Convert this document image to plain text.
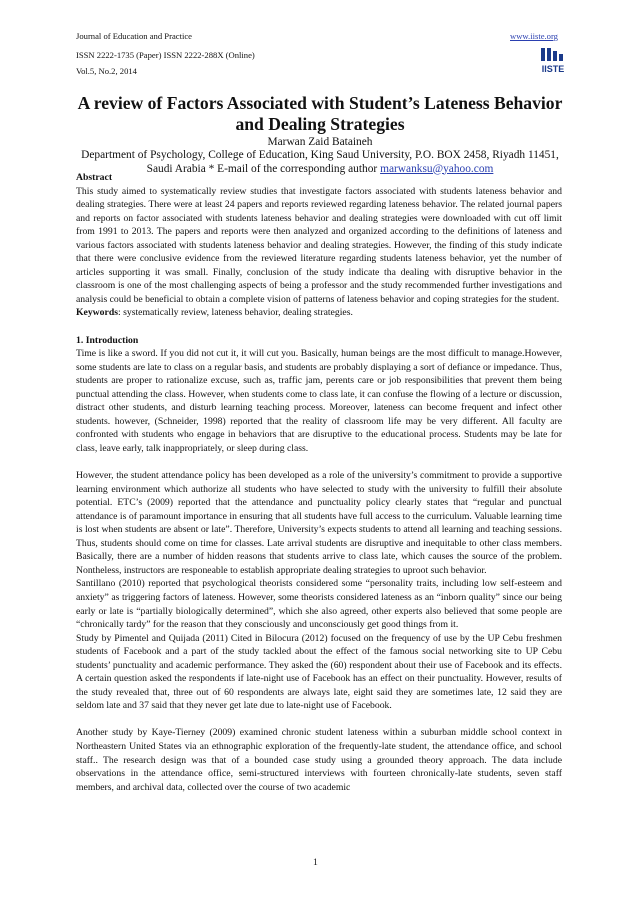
Journal of Education and Practice
ISSN 2222-1735 (Paper) ISSN 2222-288X (Online)
Vol.5, No.2, 2014
www.iiste.org
IISTE
A review of Factors Associated with Student’s Lateness Behavior and Dealing Strategies
Marwan Zaid Bataineh
Department of Psychology, College of Education, King Saud University, P.O. BOX 2458, Riyadh 11451, Saudi Arabia * E-mail of the corresponding author marwanksu@yahoo.com

Abstract

This study aimed to systematically review studies that investigate factors associated with students lateness behavior and dealing strategies. There were at least 24 papers and reports reviewed regarding lateness behavior. The related journal papers and reports on factor associated with students lateness behavior and dealing strategies were downloaded with cut off limit from 1991 to 2013. The papers and reports were then analyzed and organized according to the definitions of lateness and various factors associated with students lateness behavior and dealing strategies. However, the finding of this study indicate that there were conclusive evidence from the reviewed literature regarding students lateness behavior, yet the number of articles supporting it was small. Finally, conclusion of the study indicate tha dealing with disruptive behavior in the classroom is one of the most challenging aspects of being a professor and the study recommended further investigations and analysis could be beneficial to obtain a complete vision of patterns of lateness behavior and coping strategies for the student.

Keywords: systematically review, lateness behavior, dealing strategies.

1. Introduction

Time is like a sword. If you did not cut it, it will cut you. Basically, human beings are the most difficult to manage.However, some students are late to class on a regular basis, and students are probably displaying a sort of defiance or impedance. Thus, students are proper to rationalize excuse, such as, traffic jam, perents care or job responsibilities that prevent them being punctual attending the class. However, when students come to class late, it can confuse the flowing of a lecture or discussion, distract other students, and disturb learning teaching process. Moreover, lateness can become frequent and infect other students. however, (Schneider, 1998) reported that the reality of classroom life may be very different. All faculty are confronted with students who engage in behaviors that are disruptive to the educational process. Students may be late for class, leave early, talk inappropriately, or sleep during class.

However, the student attendance policy has been developed as a role of the university’s commitment to provide a supportive learning environment which authorize all students who have selected to study with the university to fulfill their absolute potential. ETC’s (2009) reported that the attendance and punctuality policy clearly states that “regular and punctual attendance is of paramount importance in ensuring that all students have full access to the curriculum. Valuable learning time is lost when students are absent or late”. Therefore, University’s expects students to attend all learning and teaching sessions. Thus, students should come on time for classes. Late arrival students are disruptive and inequitable to other class members. Basically, there are a number of hidden reasons that students arrive to class late, which causes the source of the problem. Nontheless, instructors are responeable to establish appropriate dealing strategies to uproot such behavior.

Santillano (2010) reported that psychological theorists considered some “personality traits, including low self-esteem and anxiety” as triggering factors of lateness. However, some theorists considered lateness as an “inborn quality” since our being early or late is “partially biologically determined”, which she also agreed, other experts also believed that some people are “chronically tardy” for the reason that they consciously and unconsciously get good things from it.

Study by Pimentel and Quijada (2011) Cited in Bilocura (2012) focused on the frequency of use by the UP Cebu freshmen students of Facebook and a part of the study tackled about the effect of the famous social networking site to UP Cebu students’ punctuality and academic performance. They asked the (60) respondent about their use of Facebook and its effects. A certain question asked the respondents if late-night use of Facebook has an effect on their punctuality. However, results of the study revealed that, three out of 60 respondents are always late, eight said they are sometimes late, 12 said they are seldom late and 37 said that they never get late due to late-night use of Facebook.

Another study by Kaye-Tierney (2009) examined chronic student lateness within a suburban middle school context in Northeastern United States via an ethnographic exploration of the frequently-late student, the attendance office, and school staff.. The research design was that of a bounded case study using a grounded theory approach. The data include observations in the attendance office, semi-structured interviews with fourteen chronically-late students, seven staff members, and archival data, collected over the course of two academic

1
